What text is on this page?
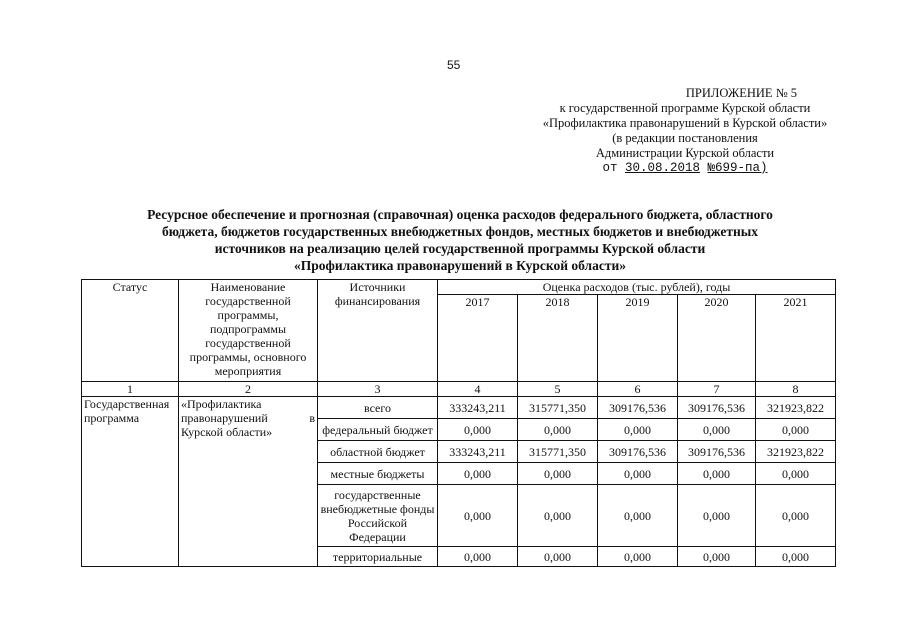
55
ПРИЛОЖЕНИЕ № 5
к государственной программе Курской области
«Профилактика правонарушений в Курской области»
(в редакции постановления
Администрации Курской области
от 30.08.2018 №699-па)
Ресурсное обеспечение и прогнозная (справочная) оценка расходов федерального бюджета, областного
бюджета, бюджетов государственных внебюджетных фондов, местных бюджетов и внебюджетных
источников на реализацию целей государственной программы Курской области
«Профилактика правонарушений в Курской области»
Статус	Наименование государственной программы, подпрограммы государственной программы, основного мероприятия	Источники финансирования	Оценка расходов (тыс. рублей), годы				
			2017	2018	2019	2020	2021
1	2	3	4	5	6	7	8
Государственная программа	«Профилактика правонарушений в Курской области»	всего	333243,211	315771,350	309176,536	309176,536	321923,822
		федеральный бюджет	0,000	0,000	0,000	0,000	0,000
		областной бюджет	333243,211	315771,350	309176,536	309176,536	321923,822
		местные бюджеты	0,000	0,000	0,000	0,000	0,000
		государственные внебюджетные фонды Российской Федерации	0,000	0,000	0,000	0,000	0,000
		территориальные	0,000	0,000	0,000	0,000	0,000
